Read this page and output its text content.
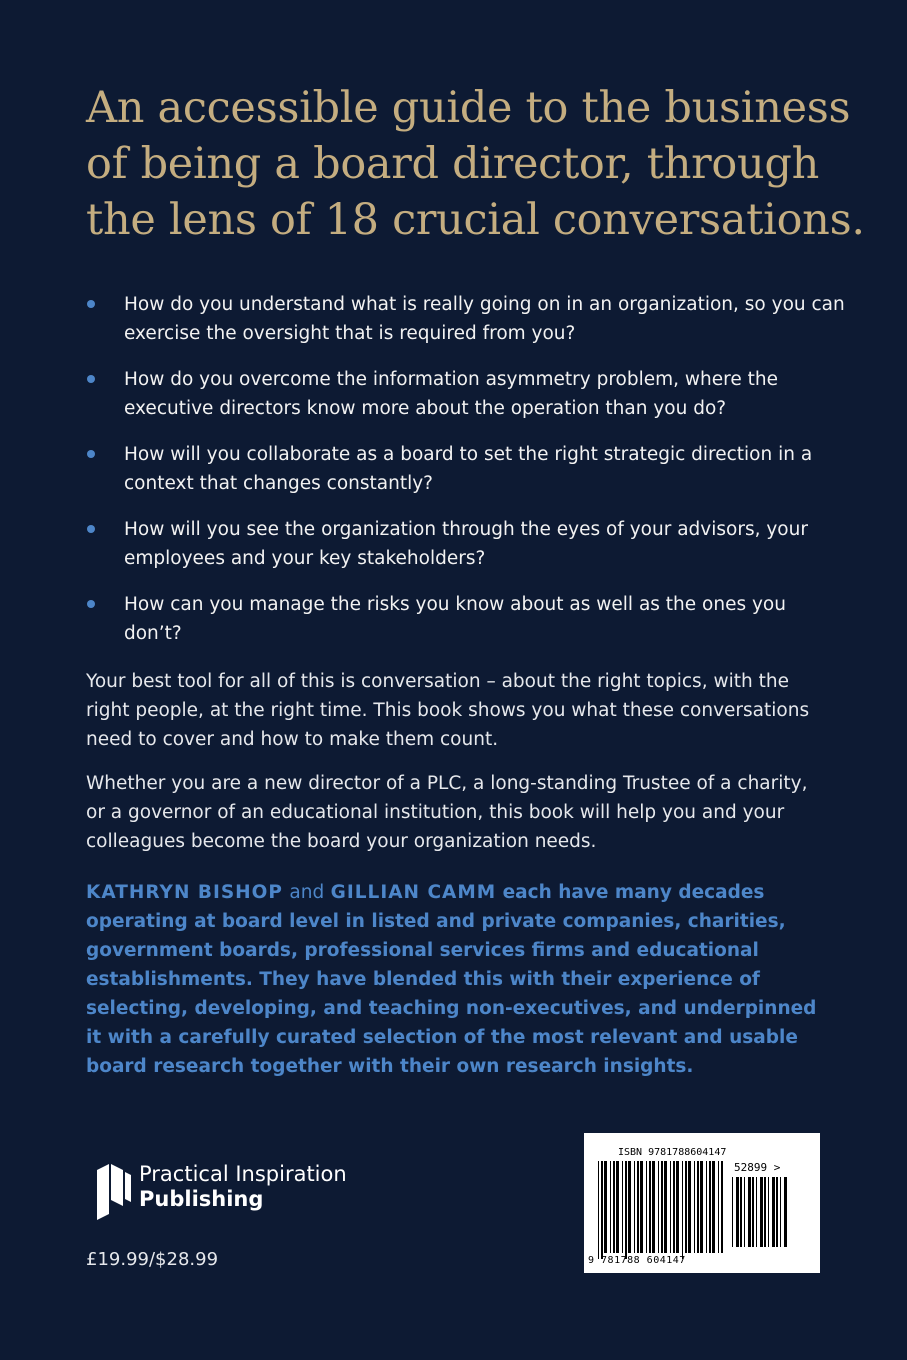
An accessible guide to the business of being a board director, through the lens of 18 crucial conversations.
How do you understand what is really going on in an organization, so you can exercise the oversight that is required from you?
How do you overcome the information asymmetry problem, where the executive directors know more about the operation than you do?
How will you collaborate as a board to set the right strategic direction in a context that changes constantly?
How will you see the organization through the eyes of your advisors, your employees and your key stakeholders?
How can you manage the risks you know about as well as the ones you don’t?

Your best tool for all of this is conversation – about the right topics, with the right people, at the right time. This book shows you what these conversations need to cover and how to make them count.

Whether you are a new director of a PLC, a long-standing Trustee of a charity, or a governor of an educational institution, this book will help you and your colleagues become the board your organization needs.

KATHRYN BISHOP and GILLIAN CAMM each have many decades operating at board level in listed and private companies, charities, government boards, professional services firms and educational establishments. They have blended this with their experience of selecting, developing, and teaching non-executives, and underpinned it with a carefully curated selection of the most relevant and usable board research together with their own research insights.

Practical Inspiration
Publishing

£19.99/$28.99

ISBN 9781788604147
52899 >
9 781788 604147
